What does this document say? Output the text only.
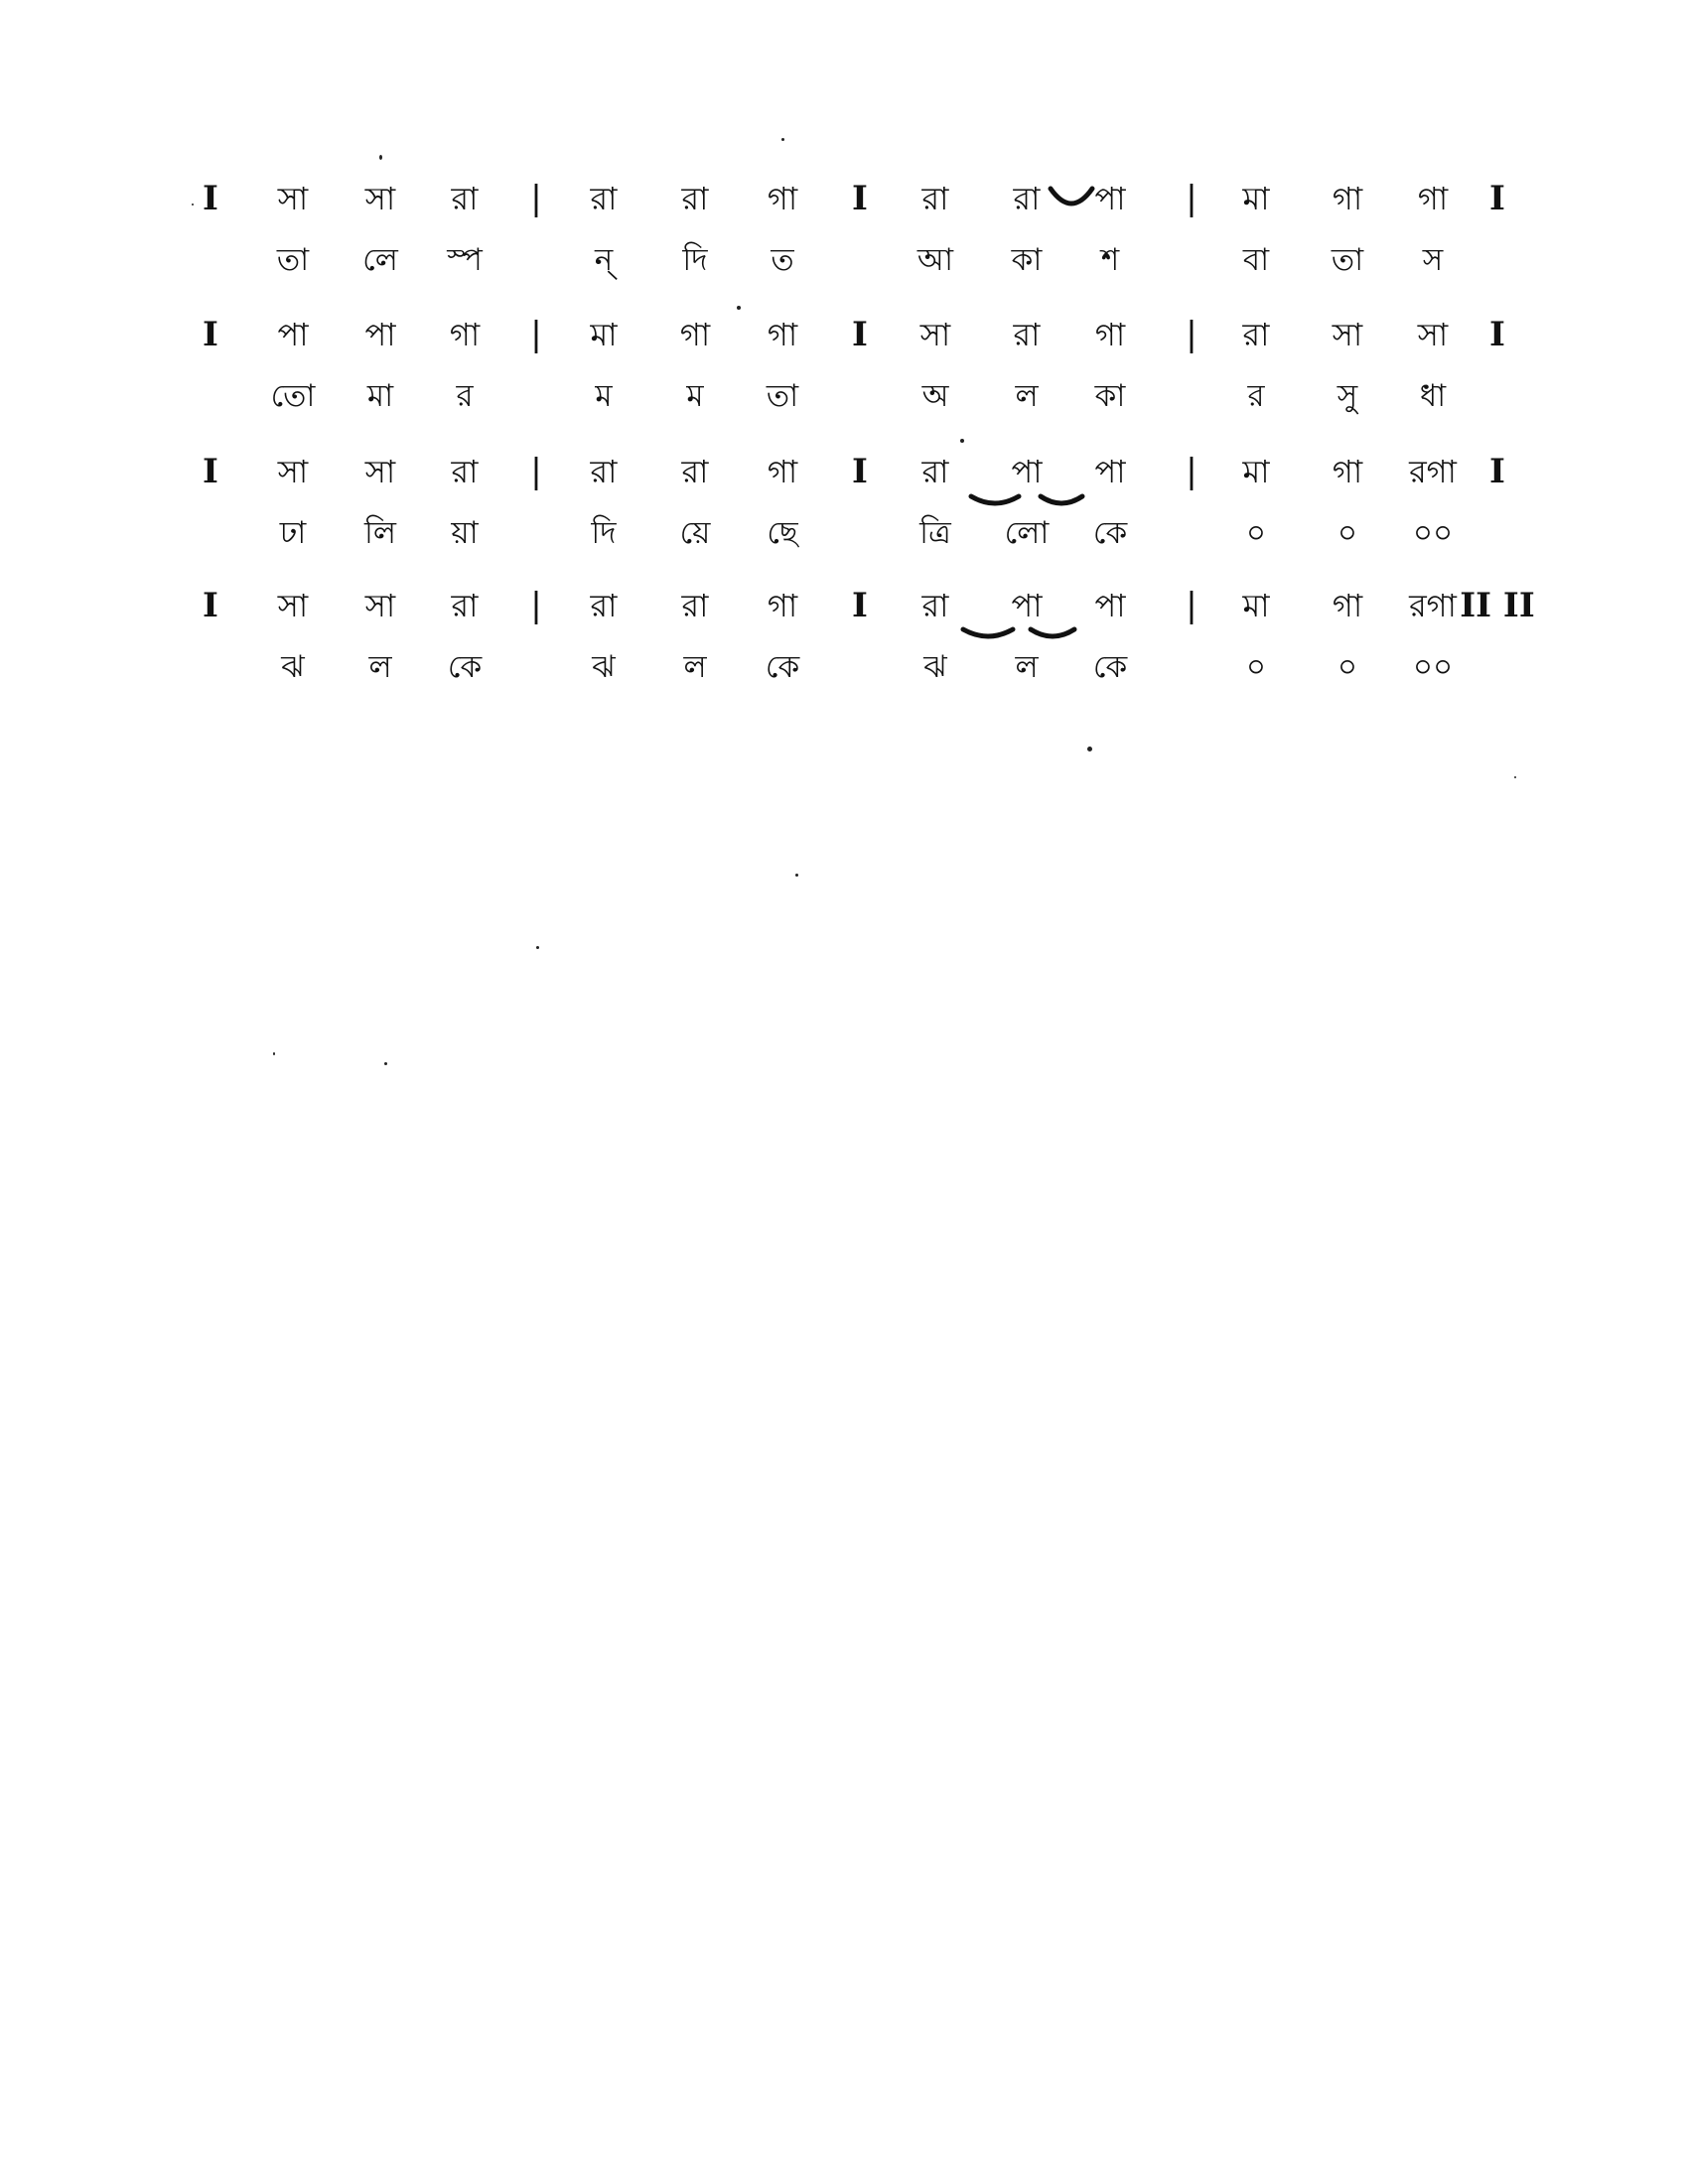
সা সা রা	রা রা গা	রা রা পা	মা গা গা
I	|	I	|	I
তা লে স্প	ন্ দি ত	আ কা শ	বা তা স
পা পা গা	মা গা গা	সা রা গা	রা সা সা
I	|	I	|	I
তো মা র	ম ম তা	অ ল কা	র সু ধা
সা সা রা	রা রা গা	রা পা পা	মা গা রগা
I	|	I	|	I
ঢা লি য়া	দি য়ে ছে	ত্রি লো কে	০ ০ ০০
সা সা রা	রা রা গা	রা পা পা	মা গা রগা
I	|	I	|	II II
ঝ ল কে	ঝ ল কে	ঝ ল কে	০ ০ ০০
